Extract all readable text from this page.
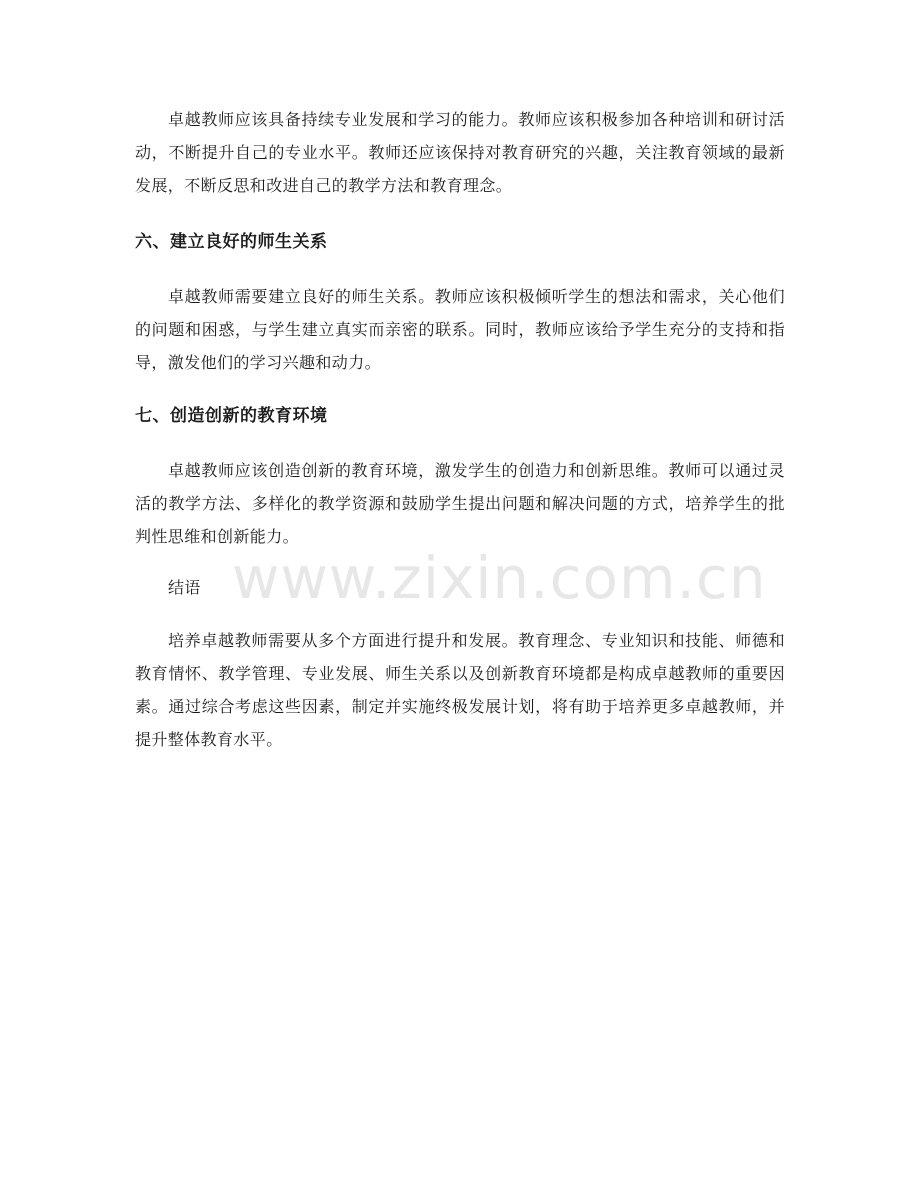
卓越教师应该具备持续专业发展和学习的能力。教师应该积极参加各种培训和研讨活动，不断提升自己的专业水平。教师还应该保持对教育研究的兴趣，关注教育领域的最新发展，不断反思和改进自己的教学方法和教育理念。

六、建立良好的师生关系

卓越教师需要建立良好的师生关系。教师应该积极倾听学生的想法和需求，关心他们的问题和困惑，与学生建立真实而亲密的联系。同时，教师应该给予学生充分的支持和指导，激发他们的学习兴趣和动力。

七、创造创新的教育环境

卓越教师应该创造创新的教育环境，激发学生的创造力和创新思维。教师可以通过灵活的教学方法、多样化的教学资源和鼓励学生提出问题和解决问题的方式，培养学生的批判性思维和创新能力。

结语

培养卓越教师需要从多个方面进行提升和发展。教育理念、专业知识和技能、师德和教育情怀、教学管理、专业发展、师生关系以及创新教育环境都是构成卓越教师的重要因素。通过综合考虑这些因素，制定并实施终极发展计划，将有助于培养更多卓越教师，并提升整体教育水平。

www.zixin.com.cn
